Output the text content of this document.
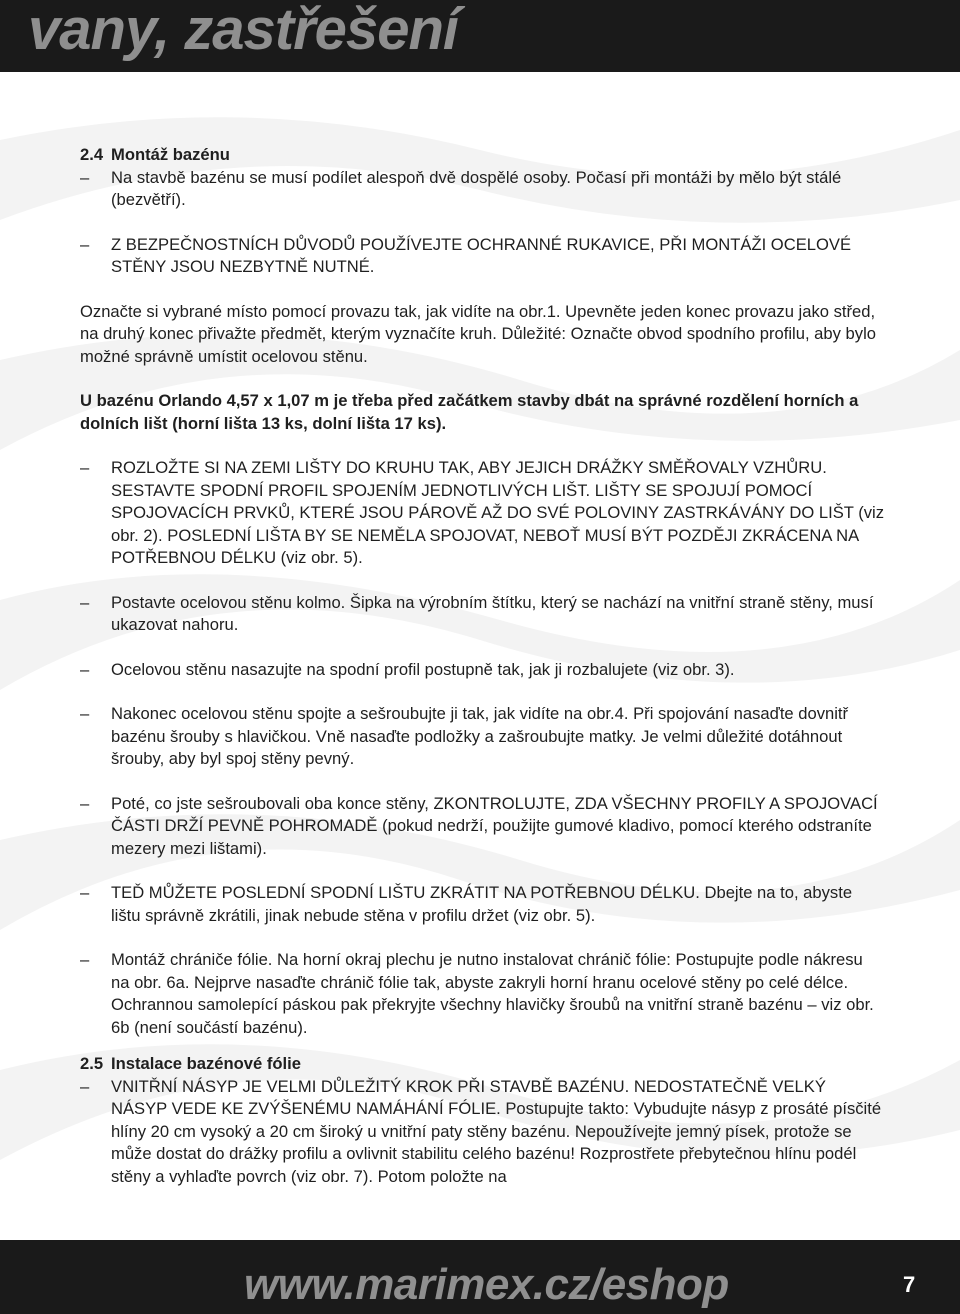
vany, zastřešení
2.4 Montáž bazénu
– Na stavbě bazénu se musí podílet alespoň dvě dospělé osoby. Počasí při montáži by mělo být stálé (bezvětří).
– Z BEZPEČNOSTNÍCH DŮVODŮ POUŽÍVEJTE OCHRANNÉ RUKAVICE, PŘI MONTÁŽI OCELOVÉ STĚNY JSOU NEZBYTNĚ NUTNÉ.
Označte si vybrané místo pomocí provazu tak, jak vidíte na obr.1. Upevněte jeden konec provazu jako střed, na druhý konec přivažte předmět, kterým vyznačíte kruh. Důležité: Označte obvod spodního profilu, aby bylo možné správně umístit ocelovou stěnu.
U bazénu Orlando 4,57 x 1,07 m je třeba před začátkem stavby dbát na správné rozdělení horních a dolních lišt (horní lišta 13 ks, dolní lišta 17 ks).
– ROZLOŽTE SI NA ZEMI LIŠTY DO KRUHU TAK, ABY JEJICH DRÁŽKY SMĚŘOVALY VZHŮRU. SESTAVTE SPODNÍ PROFIL SPOJENÍM JEDNOTLIVÝCH LIŠT. LIŠTY SE SPOJUJÍ POMOCÍ SPOJOVACÍCH PRVKŮ, KTERÉ JSOU PÁROVĚ AŽ DO SVÉ POLOVINY ZASTRKÁVÁNY DO LIŠT (viz obr. 2). POSLEDNÍ LIŠTA BY SE NEMĚLA SPOJOVAT, NEBOŤ MUSÍ BÝT POZDĚJI ZKRÁCENA NA POTŘEBNOU DÉLKU (viz obr. 5).
– Postavte ocelovou stěnu kolmo. Šipka na výrobním štítku, který se nachází na vnitřní straně stěny, musí ukazovat nahoru.
– Ocelovou stěnu nasazujte na spodní profil postupně tak, jak ji rozbalujete (viz obr. 3).
– Nakonec ocelovou stěnu spojte a sešroubujte ji tak, jak vidíte na obr.4. Při spojování nasaďte dovnitř bazénu šrouby s hlavičkou. Vně nasaďte podložky a zašroubujte matky. Je velmi důležité dotáhnout šrouby, aby byl spoj stěny pevný.
– Poté, co jste sešroubovali oba konce stěny, ZKONTROLUJTE, ZDA VŠECHNY PROFILY A SPOJOVACÍ ČÁSTI DRŽÍ PEVNĚ POHROMADĚ (pokud nedrží, použijte gumové kladivo, pomocí kterého odstraníte mezery mezi lištami).
– TEĎ MŮŽETE POSLEDNÍ SPODNÍ LIŠTU ZKRÁTIT NA POTŘEBNOU DÉLKU. Dbejte na to, abyste lištu správně zkrátili, jinak nebude stěna v profilu držet (viz obr. 5).
– Montáž chrániče fólie. Na horní okraj plechu je nutno instalovat chránič fólie: Postupujte podle nákresu na obr. 6a. Nejprve nasaďte chránič fólie tak, abyste zakryli horní hranu ocelové stěny po celé délce. Ochrannou samolepící páskou pak překryjte všechny hlavičky šroubů na vnitřní straně bazénu – viz obr. 6b (není součástí bazénu).
2.5 Instalace bazénové fólie
– VNITŘNÍ NÁSYP JE VELMI DŮLEŽITÝ KROK PŘI STAVBĚ BAZÉNU. NEDOSTATEČNĚ VELKÝ NÁSYP VEDE KE ZVÝŠENÉMU NAMÁHÁNÍ FÓLIE. Postupujte takto: Vybudujte násyp z prosáté písčité hlíny 20 cm vysoký a 20 cm široký u vnitřní paty stěny bazénu. Nepoužívejte jemný písek, protože se může dostat do drážky profilu a ovlivnit stabilitu celého bazénu! Rozprostřete přebytečnou hlínu podél stěny a vyhlaďte povrch (viz obr. 7). Potom položte na
www.marimex.cz/eshop	7
